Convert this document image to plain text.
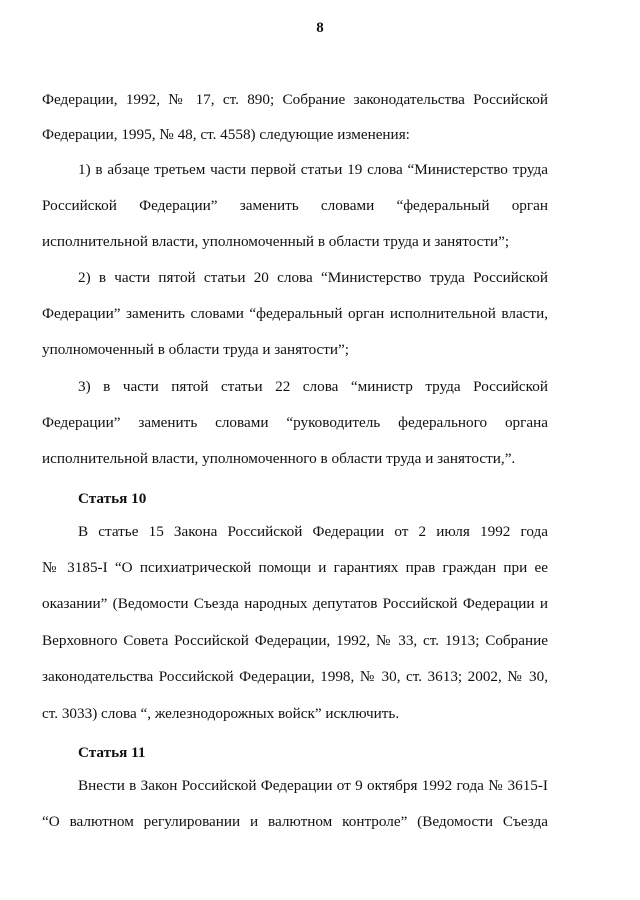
8
Федерации, 1992, № 17, ст. 890; Собрание законодательства Российской
Федерации, 1995, № 48, ст. 4558) следующие изменения:
1) в абзаце третьем части первой статьи 19 слова “Министерство труда
Российской Федерации” заменить словами “федеральный орган
исполнительной власти, уполномоченный в области труда и занятости”;
2) в части пятой статьи 20 слова “Министерство труда Российской
Федерации” заменить словами “федеральный орган исполнительной власти,
уполномоченный в области труда и занятости”;
3) в части пятой статьи 22 слова “министр труда Российской
Федерации” заменить словами “руководитель федерального органа
исполнительной власти, уполномоченного в области труда и занятости,”.
Статья 10
В статье 15 Закона Российской Федерации от 2 июля 1992 года
№ 3185-I “О психиатрической помощи и гарантиях прав граждан при ее
оказании” (Ведомости Съезда народных депутатов Российской Федерации и
Верховного Совета Российской Федерации, 1992, № 33, ст. 1913; Собрание
законодательства Российской Федерации, 1998, № 30, ст. 3613; 2002, № 30,
ст. 3033) слова “, железнодорожных войск” исключить.
Статья 11
Внести в Закон Российской Федерации от 9 октября 1992 года № 3615-I
“О валютном регулировании и валютном контроле” (Ведомости Съезда
